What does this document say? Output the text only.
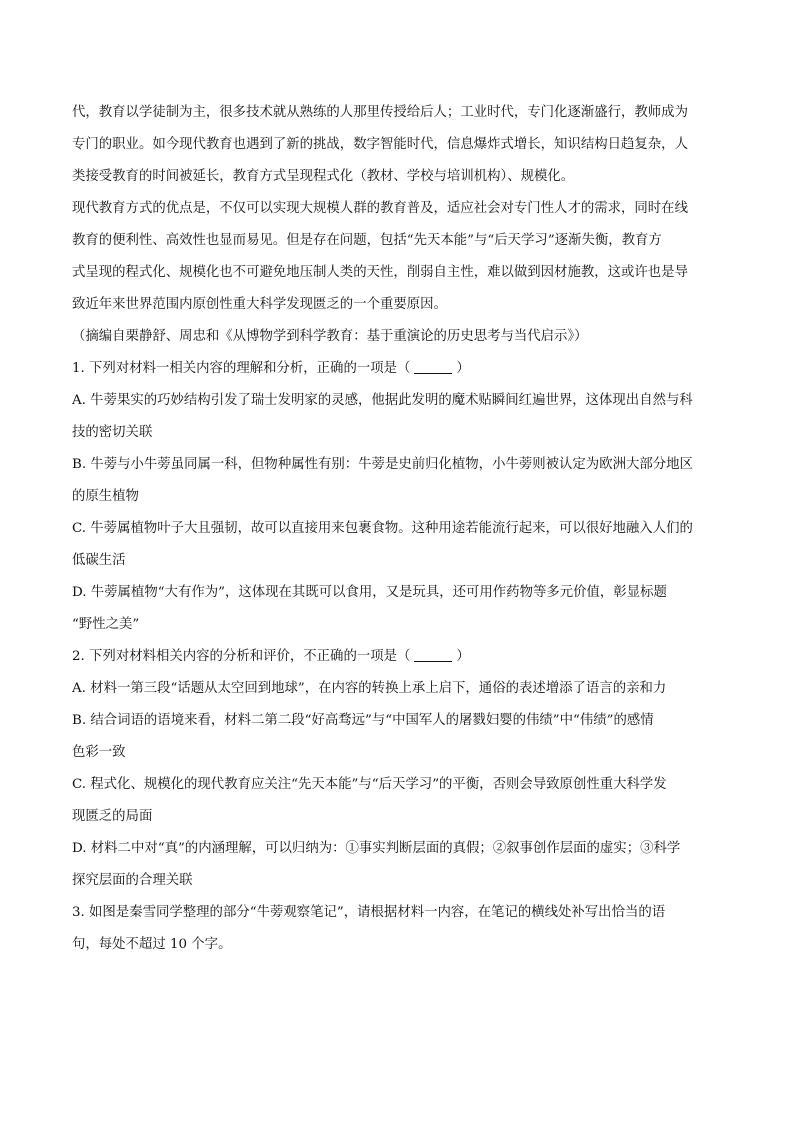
代，教育以学徒制为主，很多技术就从熟练的人那里传授给后人；工业时代，专门化逐渐盛行，教师成为
专门的职业。如今现代教育也遇到了新的挑战，数字智能时代，信息爆炸式增长，知识结构日趋复杂，人
类接受教育的时间被延长，教育方式呈现程式化（教材、学校与培训机构）、规模化。
现代教育方式的优点是，不仅可以实现大规模人群的教育普及，适应社会对专门性人才的需求，同时在线
教育的便利性、高效性也显而易见。但是存在问题，包括“先天本能”与“后天学习”逐渐失衡，教育方
式呈现的程式化、规模化也不可避免地压制人类的天性，削弱自主性，难以做到因材施教，这或许也是导
致近年来世界范围内原创性重大科学发现匮乏的一个重要原因。
（摘编自栗静舒、周忠和《从博物学到科学教育：基于重演论的历史思考与当代启示》）
1. 下列对材料一相关内容的理解和分析，正确的一项是（	）
A. 牛蒡果实的巧妙结构引发了瑞士发明家的灵感，他据此发明的魔术贴瞬间红遍世界，这体现出自然与科
技的密切关联
B. 牛蒡与小牛蒡虽同属一科，但物种属性有别：牛蒡是史前归化植物，小牛蒡则被认定为欧洲大部分地区
的原生植物
C. 牛蒡属植物叶子大且强韧，故可以直接用来包裹食物。这种用途若能流行起来，可以很好地融入人们的
低碳生活
D. 牛蒡属植物“大有作为”，这体现在其既可以食用，又是玩具，还可用作药物等多元价值，彰显标题
“野性之美”
2. 下列对材料相关内容的分析和评价，不正确的一项是（	）
A. 材料一第三段“话题从太空回到地球”，在内容的转换上承上启下，通俗的表述增添了语言的亲和力
B. 结合词语的语境来看，材料二第二段“好高骛远”与“中国军人的屠戮妇婴的伟绩”中“伟绩”的感情
色彩一致
C. 程式化、规模化的现代教育应关注“先天本能”与“后天学习”的平衡，否则会导致原创性重大科学发
现匮乏的局面
D. 材料二中对“真”的内涵理解，可以归纳为：①事实判断层面的真假；②叙事创作层面的虚实；③科学
探究层面的合理关联
3. 如图是秦雪同学整理的部分“牛蒡观察笔记”，请根据材料一内容，在笔记的横线处补写出恰当的语
句，每处不超过 10 个字。
